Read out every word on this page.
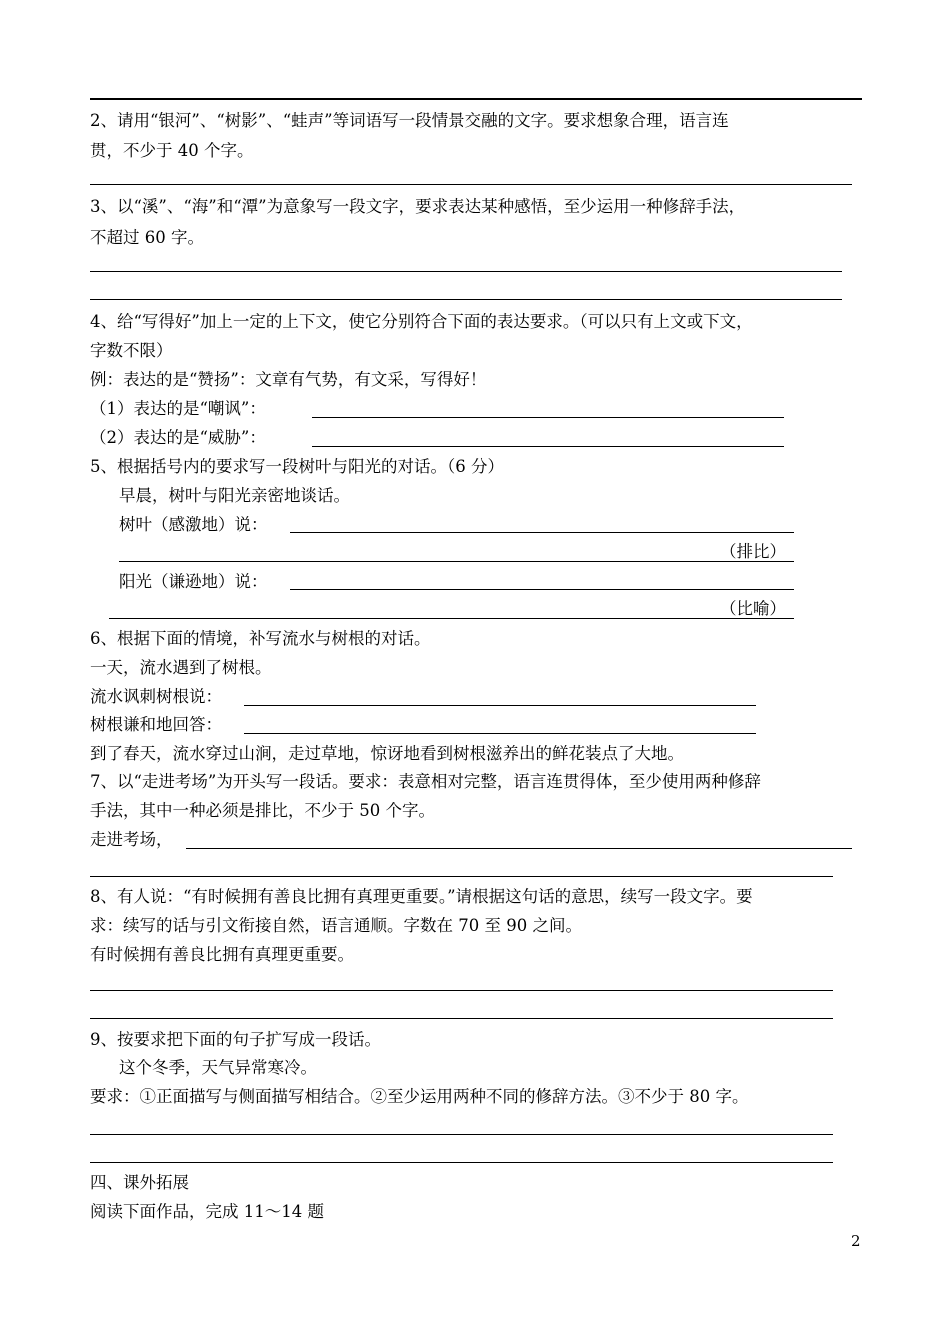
2、请用“银河”、“树影”、“蛙声”等词语写一段情景交融的文字。要求想象合理，语言连
贯，不少于 40 个字。
3、以“溪”、“海”和“潭”为意象写一段文字，要求表达某种感悟，至少运用一种修辞手法，
不超过 60 字。
4、给“写得好”加上一定的上下文，使它分别符合下面的表达要求。（可以只有上文或下文，
字数不限）
例：表达的是“赞扬”：文章有气势，有文采，写得好！
（1）表达的是“嘲讽”：
（2）表达的是“威胁”：
5、根据括号内的要求写一段树叶与阳光的对话。（6 分）
早晨，树叶与阳光亲密地谈话。
树叶（感激地）说：
（排比）
阳光（谦逊地）说：
（比喻）
6、根据下面的情境，补写流水与树根的对话。
一天，流水遇到了树根。
流水讽刺树根说：
树根谦和地回答：
到了春天，流水穿过山涧，走过草地，惊讶地看到树根滋养出的鲜花装点了大地。
7、以“走进考场”为开头写一段话。要求：表意相对完整，语言连贯得体，至少使用两种修辞
手法，其中一种必须是排比，不少于 50 个字。
走进考场，
8、有人说：“有时候拥有善良比拥有真理更重要。”请根据这句话的意思，续写一段文字。要
求：续写的话与引文衔接自然，语言通顺。字数在 70 至 90 之间。
有时候拥有善良比拥有真理更重要。
9、按要求把下面的句子扩写成一段话。
这个冬季，天气异常寒冷。
要求：①正面描写与侧面描写相结合。②至少运用两种不同的修辞方法。③不少于 80 字。
四、课外拓展
阅读下面作品，完成 11～14 题
2
